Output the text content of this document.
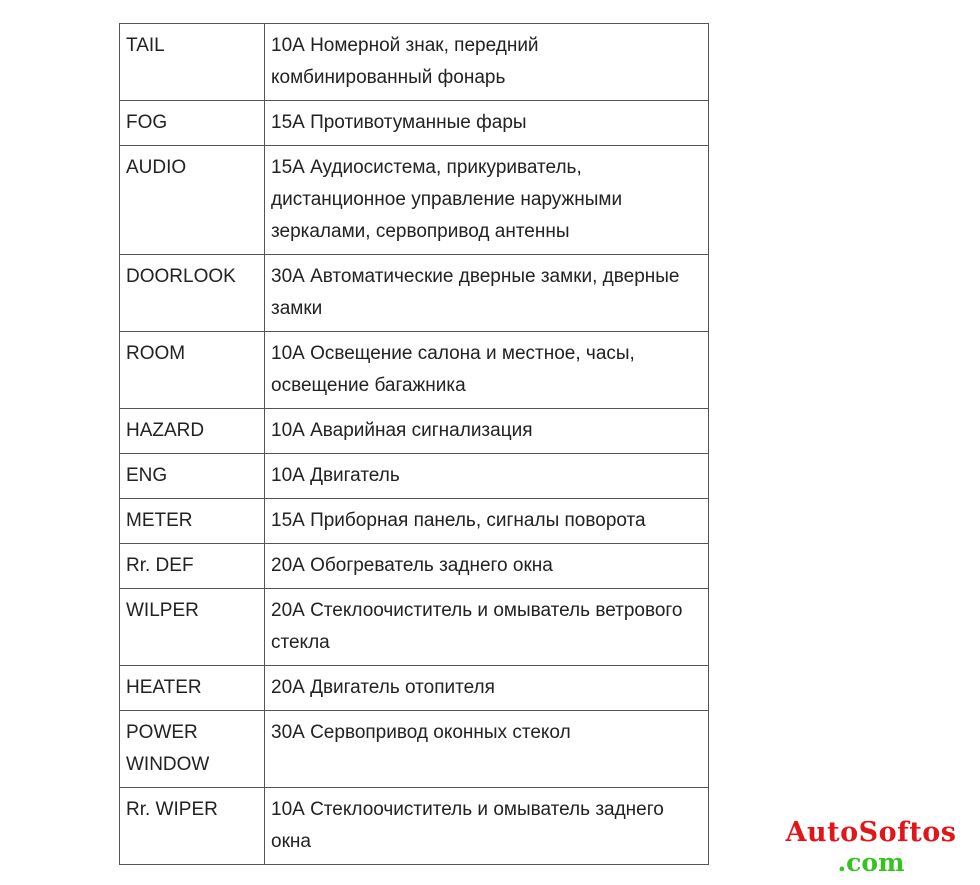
TAIL	10А Номерной знак, передний комбинированный фонарь
FOG	15А Противотуманные фары
AUDIO	15А Аудиосистема, прикуриватель, дистанционное управление наружными зеркалами, сервопривод антенны
DOORLOOK	30А Автоматические дверные замки, дверные замки
ROOM	10А Освещение салона и местное, часы, освещение багажника
HAZARD	10А Аварийная сигнализация
ENG	10А Двигатель
METER	15А Приборная панель, сигналы поворота
Rr. DEF	20А Обогреватель заднего окна
WILPER	20А Стеклоочиститель и омыватель ветрового стекла
HEATER	20А Двигатель отопителя
POWER WINDOW	30А Сервопривод оконных стекол
Rr. WIPER	10А Стеклоочиститель и омыватель заднего окна	AutoSoftos
.com
